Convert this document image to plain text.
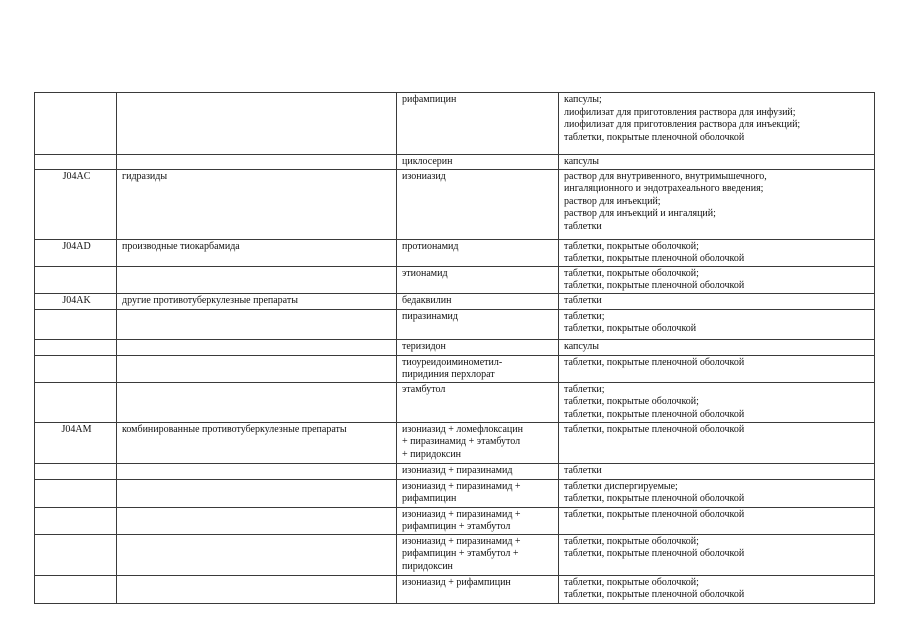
		рифампицин	капсулы;
лиофилизат для приготовления раствора для инфузий;
лиофилизат для приготовления раствора для инъекций;
таблетки, покрытые пленочной оболочкой
		циклосерин	капсулы
J04AC	гидразиды	изониазид	раствор для внутривенного, внутримышечного,
ингаляционного и эндотрахеального введения;
раствор для инъекций;
раствор для инъекций и ингаляций;
таблетки
J04AD	производные тиокарбамида	протионамид	таблетки, покрытые оболочкой;
таблетки, покрытые пленочной оболочкой
		этионамид	таблетки, покрытые оболочкой;
таблетки, покрытые пленочной оболочкой
J04AK	другие противотуберкулезные препараты	бедаквилин	таблетки
		пиразинамид	таблетки;
таблетки, покрытые оболочкой
		теризидон	капсулы
		тиоуреидоиминометил-
пиридиния перхлорат	таблетки, покрытые пленочной оболочкой
		этамбутол	таблетки;
таблетки, покрытые оболочкой;
таблетки, покрытые пленочной оболочкой
J04AM	комбинированные противотуберкулезные препараты	изониазид + ломефлоксацин
+ пиразинамид + этамбутол
+ пиридоксин	таблетки, покрытые пленочной оболочкой
		изониазид + пиразинамид	таблетки
		изониазид + пиразинамид +
рифампицин	таблетки диспергируемые;
таблетки, покрытые пленочной оболочкой
		изониазид + пиразинамид +
рифампицин + этамбутол	таблетки, покрытые пленочной оболочкой
		изониазид + пиразинамид +
рифампицин + этамбутол +
пиридоксин	таблетки, покрытые оболочкой;
таблетки, покрытые пленочной оболочкой
		изониазид + рифампицин	таблетки, покрытые оболочкой;
таблетки, покрытые пленочной оболочкой
